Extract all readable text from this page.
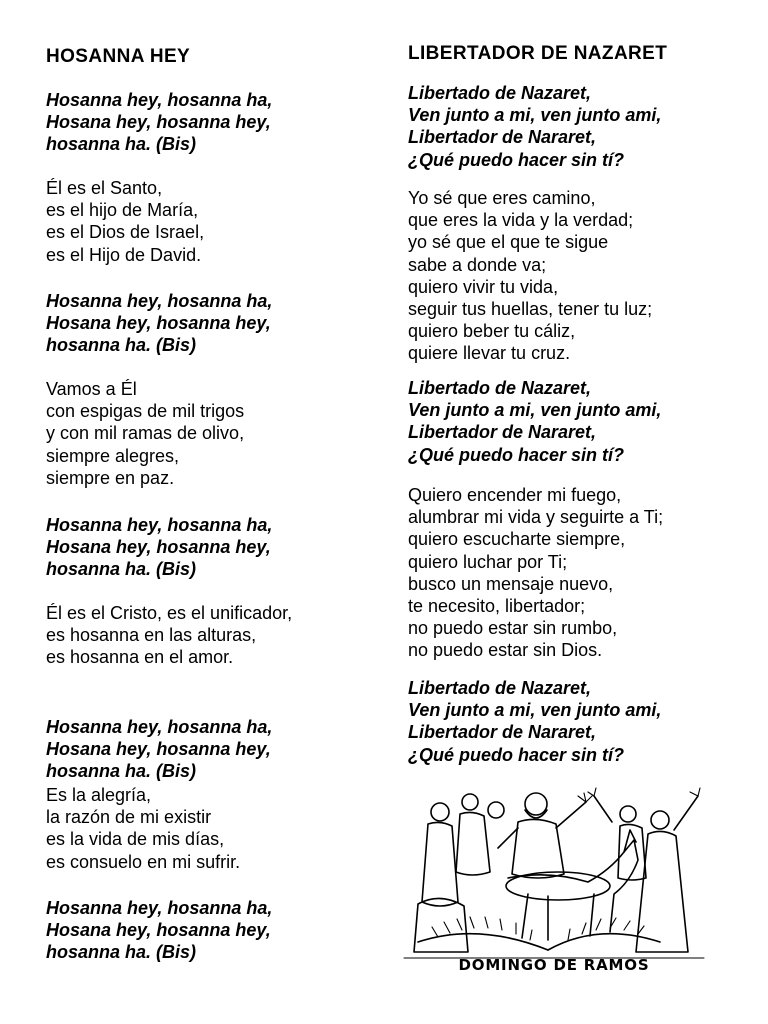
HOSANNA HEY
Hosanna hey, hosanna ha,
Hosana hey, hosanna hey,
hosanna ha. (Bis)
Él es el Santo,
es el hijo de María,
es el Dios de Israel,
es el Hijo de David.
Hosanna hey, hosanna ha,
Hosana hey, hosanna hey,
hosanna ha. (Bis)
Vamos a Él
con espigas de mil trigos
y con mil ramas de olivo,
siempre alegres,
siempre en paz.
Hosanna hey, hosanna ha,
Hosana hey, hosanna hey,
hosanna ha. (Bis)
Él es el Cristo, es el unificador,
es hosanna en las alturas,
es hosanna en el amor.
Hosanna hey, hosanna ha,
Hosana hey, hosanna hey,
hosanna ha. (Bis)
Es la alegría,
la razón de mi existir
es la vida de mis días,
es consuelo en mi sufrir.
Hosanna hey, hosanna ha,
Hosana hey, hosanna hey,
hosanna ha. (Bis)
LIBERTADOR DE NAZARET
Libertado de Nazaret,
Ven junto a mi, ven junto ami,
Libertador de Nararet,
¿Qué puedo hacer sin tí?
Yo sé que eres camino,
que eres la vida y la verdad;
yo sé que el que te sigue
sabe a donde va;
quiero vivir tu vida,
seguir tus huellas, tener tu luz;
quiero beber tu cáliz,
quiere llevar tu cruz.
Libertado de Nazaret,
Ven junto a mi, ven junto ami,
Libertador de Nararet,
¿Qué puedo hacer sin tí?
Quiero encender mi fuego,
alumbrar mi vida y seguirte a Ti;
quiero escucharte siempre,
quiero luchar por Ti;
busco un mensaje nuevo,
te necesito, libertador;
no puedo estar sin rumbo,
no puedo estar sin Dios.
Libertado de Nazaret,
Ven junto a mi, ven junto ami,
Libertador de Nararet,
¿Qué puedo hacer sin tí?
DOMINGO DE RAMOS
